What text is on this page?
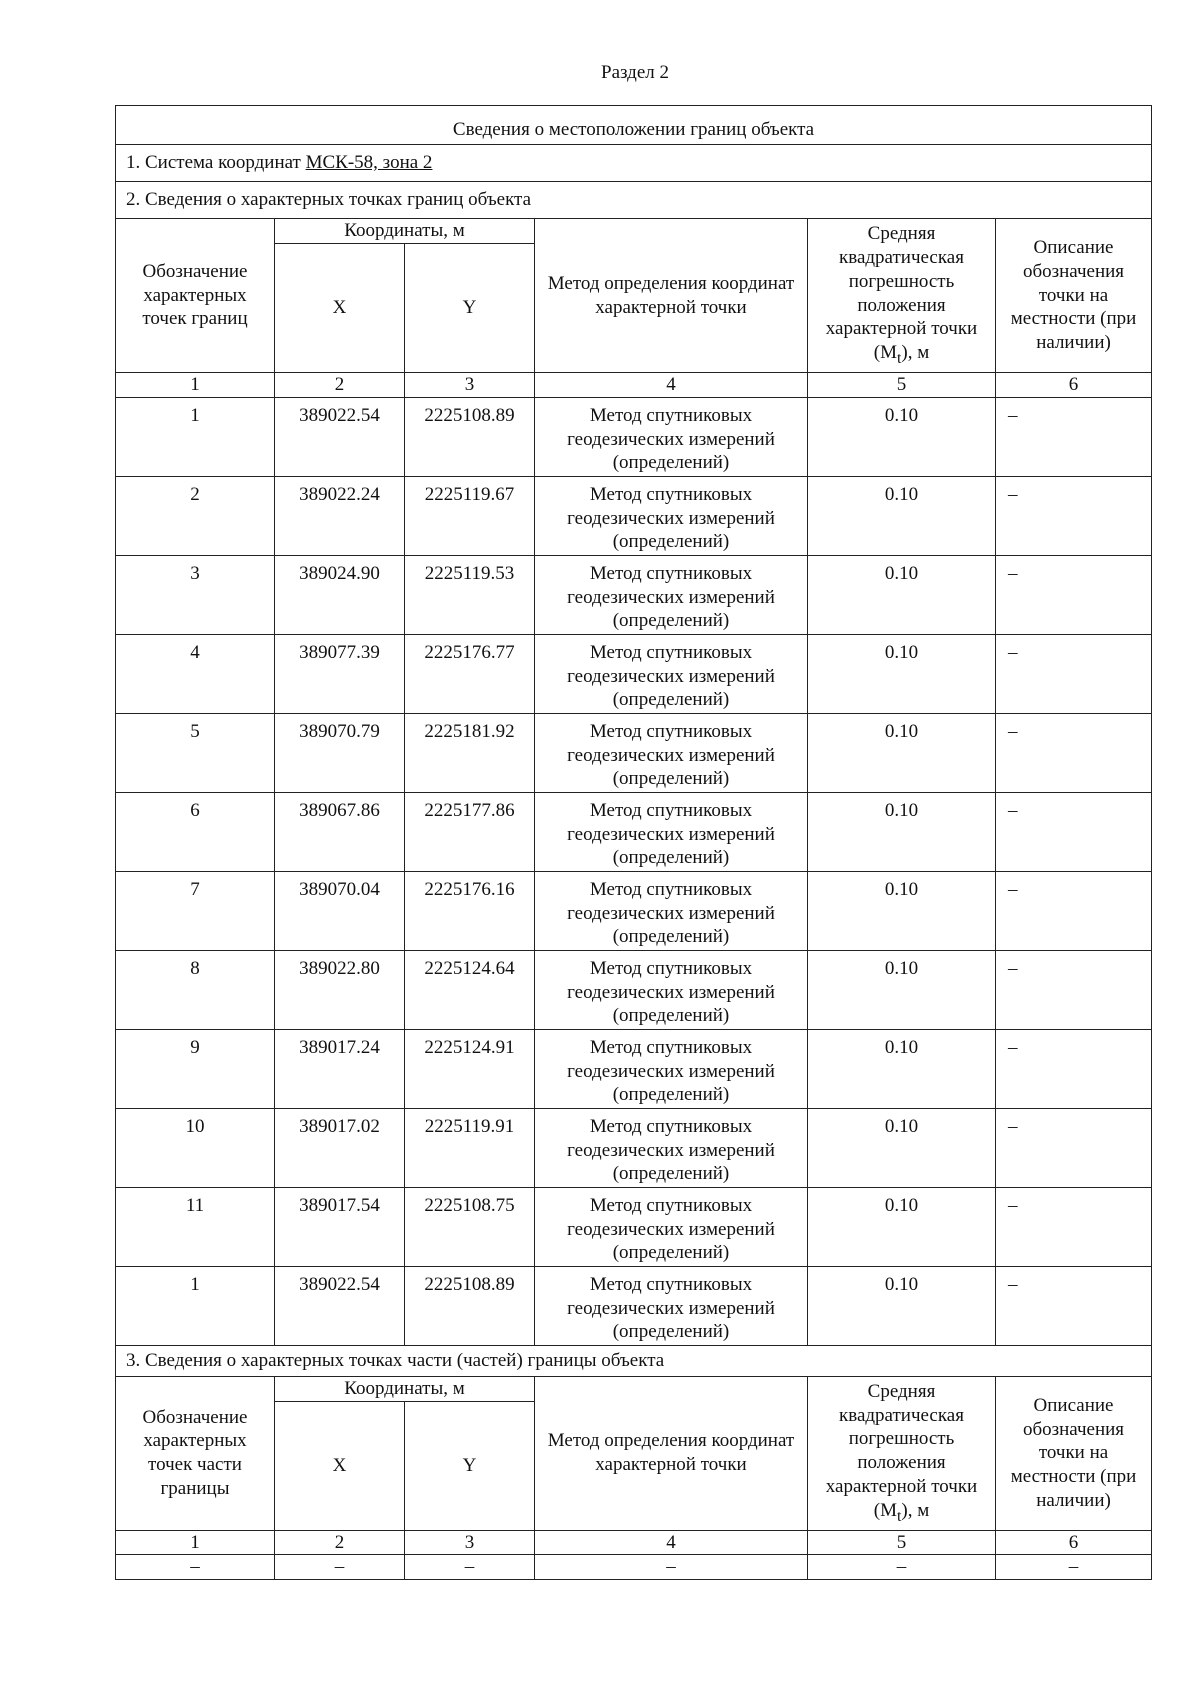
Раздел 2
Сведения о местоположении границ объекта					
1. Система координат МСК-58, зона 2					
2. Сведения о характерных точках границ объекта					
Обозначение характерных точек границ	Координаты, м		Метод определения координат характерной точки	Средняя квадратическая погрешность положения характерной точки $(M_t)$, м	Описание обозначения точки на местности (при наличии)
	X	Y			
1	2	3	4	5	6
1	389022.54	2225108.89	Метод спутниковых геодезических измерений (определений)	0.10	–
2	389022.24	2225119.67	Метод спутниковых геодезических измерений (определений)	0.10	–
3	389024.90	2225119.53	Метод спутниковых геодезических измерений (определений)	0.10	–
4	389077.39	2225176.77	Метод спутниковых геодезических измерений (определений)	0.10	–
5	389070.79	2225181.92	Метод спутниковых геодезических измерений (определений)	0.10	–
6	389067.86	2225177.86	Метод спутниковых геодезических измерений (определений)	0.10	–
7	389070.04	2225176.16	Метод спутниковых геодезических измерений (определений)	0.10	–
8	389022.80	2225124.64	Метод спутниковых геодезических измерений (определений)	0.10	–
9	389017.24	2225124.91	Метод спутниковых геодезических измерений (определений)	0.10	–
10	389017.02	2225119.91	Метод спутниковых геодезических измерений (определений)	0.10	–
11	389017.54	2225108.75	Метод спутниковых геодезических измерений (определений)	0.10	–
1	389022.54	2225108.89	Метод спутниковых геодезических измерений (определений)	0.10	–
3. Сведения о характерных точках части (частей) границы объекта					
Обозначение характерных точек части границы	Координаты, м		Метод определения координат характерной точки	Средняя квадратическая погрешность положения характерной точки $(M_t)$, м	Описание обозначения точки на местности (при наличии)
	X	Y			
1	2	3	4	5	6
–	–	–	–	–	–
